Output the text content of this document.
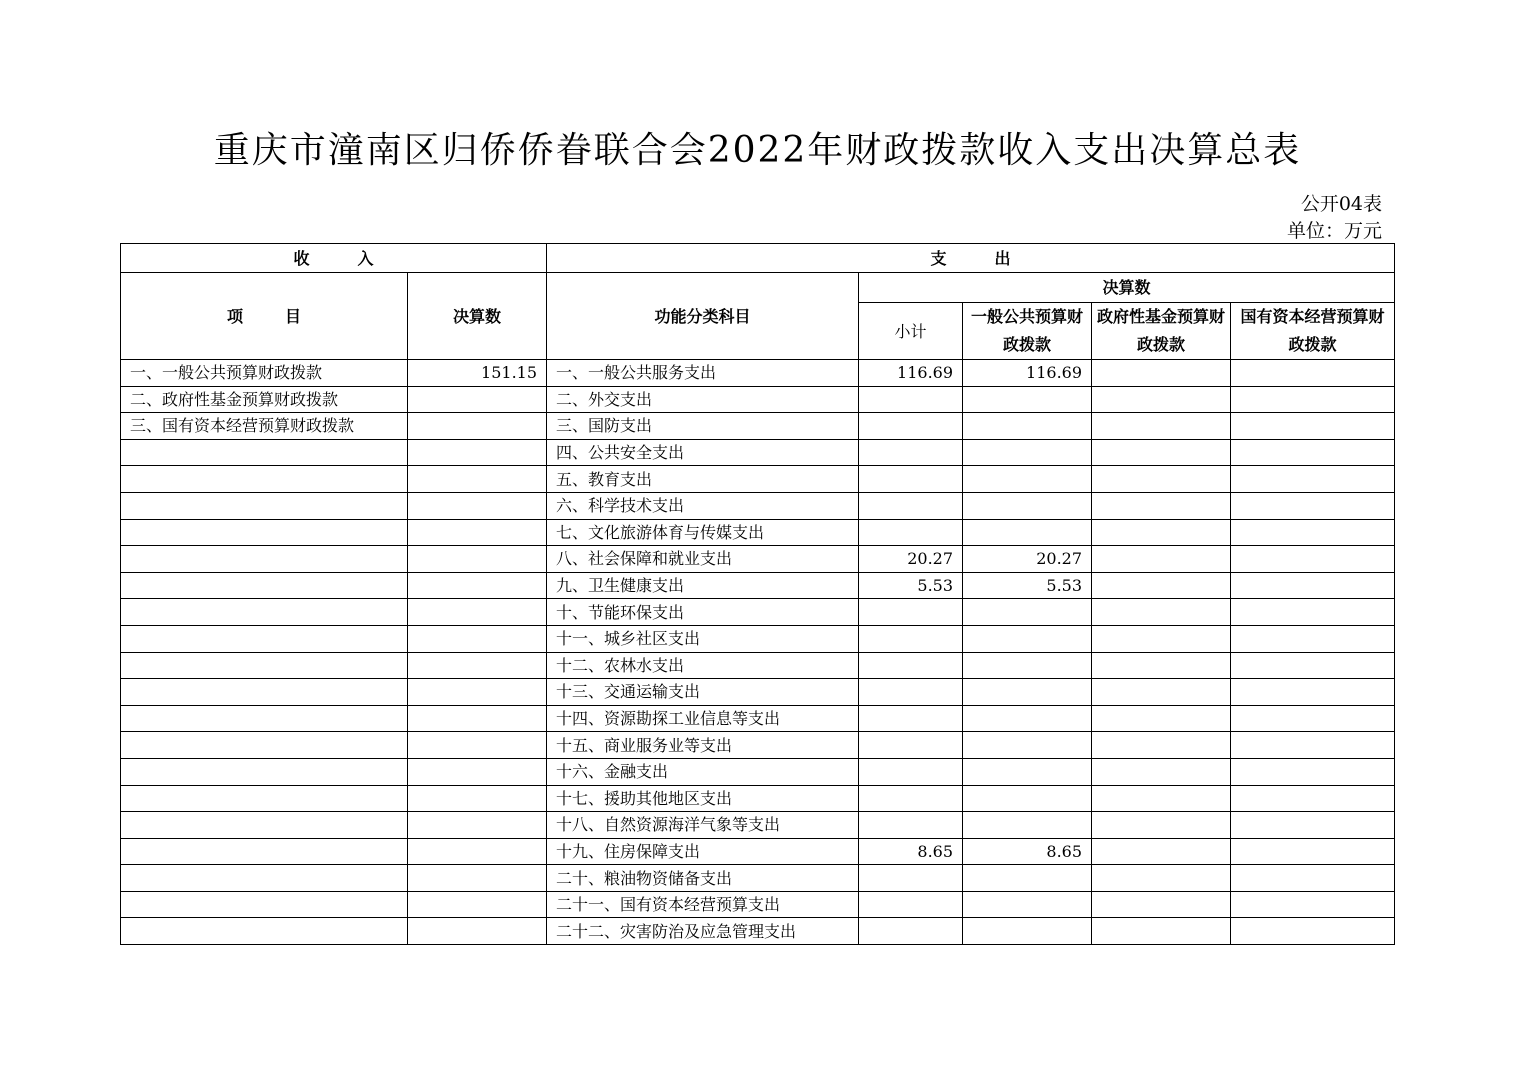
重庆市潼南区归侨侨眷联合会2022年财政拨款收入支出决算总表
公开04表
单位：万元
收入		支出				
项目	决算数	功能分类科目	决算数			
			小计	一般公共预算财政拨款	政府性基金预算财政拨款	国有资本经营预算财政拨款
一、一般公共预算财政拨款	151.15	一、一般公共服务支出	116.69	116.69		
二、政府性基金预算财政拨款		二、外交支出				
三、国有资本经营预算财政拨款		三、国防支出				
		四、公共安全支出				
		五、教育支出				
		六、科学技术支出				
		七、文化旅游体育与传媒支出				
		八、社会保障和就业支出	20.27	20.27		
		九、卫生健康支出	5.53	5.53		
		十、节能环保支出				
		十一、城乡社区支出				
		十二、农林水支出				
		十三、交通运输支出				
		十四、资源勘探工业信息等支出				
		十五、商业服务业等支出				
		十六、金融支出				
		十七、援助其他地区支出				
		十八、自然资源海洋气象等支出				
		十九、住房保障支出	8.65	8.65		
		二十、粮油物资储备支出				
		二十一、国有资本经营预算支出				
		二十二、灾害防治及应急管理支出				
